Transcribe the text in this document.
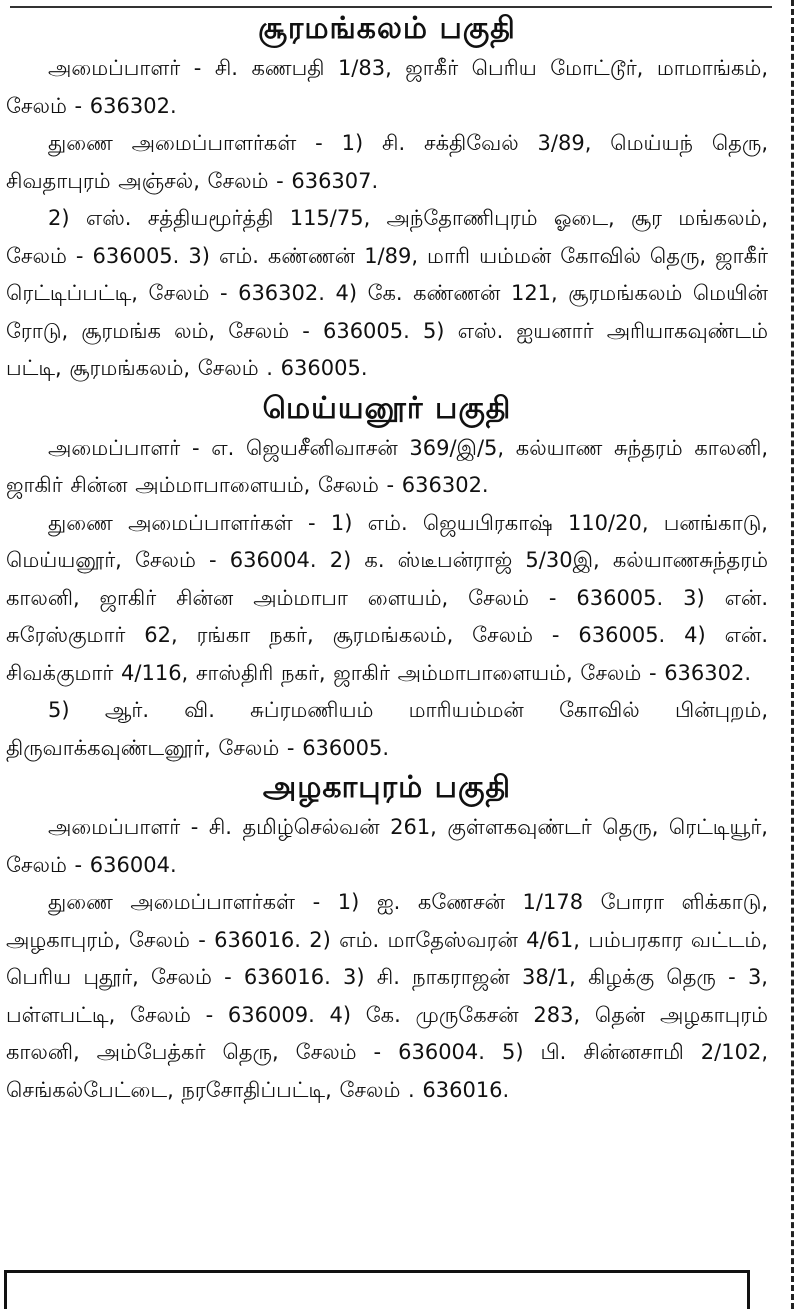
சூரமங்கலம் பகுதி

அமைப்பாளர் - சி. கணபதி 1/83, ஜாகீர் பெரிய மோட்டூர், மாமாங்கம், சேலம் - 636302.

துணை அமைப்பாளர்கள் - 1) சி. சக்திவேல் 3/89, மெய்யந் தெரு, சிவதாபுரம் அஞ்சல், சேலம் - 636307.

2) எஸ். சத்தியமூர்த்தி 115/75, அந்தோணிபுரம் ஓடை, சூர மங்கலம், சேலம் - 636005. 3) எம். கண்ணன் 1/89, மாரி யம்மன் கோவில் தெரு, ஜாகீர் ரெட்டிப்பட்டி, சேலம் - 636302. 4) கே. கண்ணன் 121, சூரமங்கலம் மெயின் ரோடு, சூரமங்க லம், சேலம் - 636005. 5) எஸ். ஐயனார் அரியாகவுண்டம் பட்டி, சூரமங்கலம், சேலம் . 636005.

மெய்யனூர் பகுதி

அமைப்பாளர் - எ. ஜெயசீனிவாசன் 369/இ/5, கல்யாண சுந்தரம் காலனி, ஜாகிர் சின்ன அம்மாபாளையம், சேலம் - 636302.

துணை அமைப்பாளர்கள் - 1) எம். ஜெயபிரகாஷ் 110/20, பனங்காடு, மெய்யனூர், சேலம் - 636004. 2) க. ஸ்டீபன்ராஜ் 5/30இ, கல்யாணசுந்தரம் காலனி, ஜாகிர் சின்ன அம்மாபா ளையம், சேலம் - 636005. 3) என். சுரேஸ்குமார் 62, ரங்கா நகர், சூரமங்கலம், சேலம் - 636005. 4) என். சிவக்குமார் 4/116, சாஸ்திரி நகர், ஜாகிர் அம்மாபாளையம், சேலம் - 636302.

5) ஆர். வி. சுப்ரமணியம் மாரியம்மன் கோவில் பின்புறம், திருவாக்கவுண்டனூர், சேலம் - 636005.

அழகாபுரம் பகுதி

அமைப்பாளர் - சி. தமிழ்செல்வன் 261, குள்ளகவுண்டர் தெரு, ரெட்டியூர், சேலம் - 636004.

துணை அமைப்பாளர்கள் - 1) ஐ. கணேசன் 1/178 போரா ளிக்காடு, அழகாபுரம், சேலம் - 636016. 2) எம். மாதேஸ்வரன் 4/61, பம்பரகார வட்டம், பெரிய புதூர், சேலம் - 636016. 3) சி. நாகராஜன் 38/1, கிழக்கு தெரு - 3, பள்ளபட்டி, சேலம் - 636009. 4) கே. முருகேசன் 283, தென் அழகாபுரம் காலனி, அம்பேத்கர் தெரு, சேலம் - 636004. 5) பி. சின்னசாமி 2/102, செங்கல்பேட்டை, நரசோதிப்பட்டி, சேலம் . 636016.
